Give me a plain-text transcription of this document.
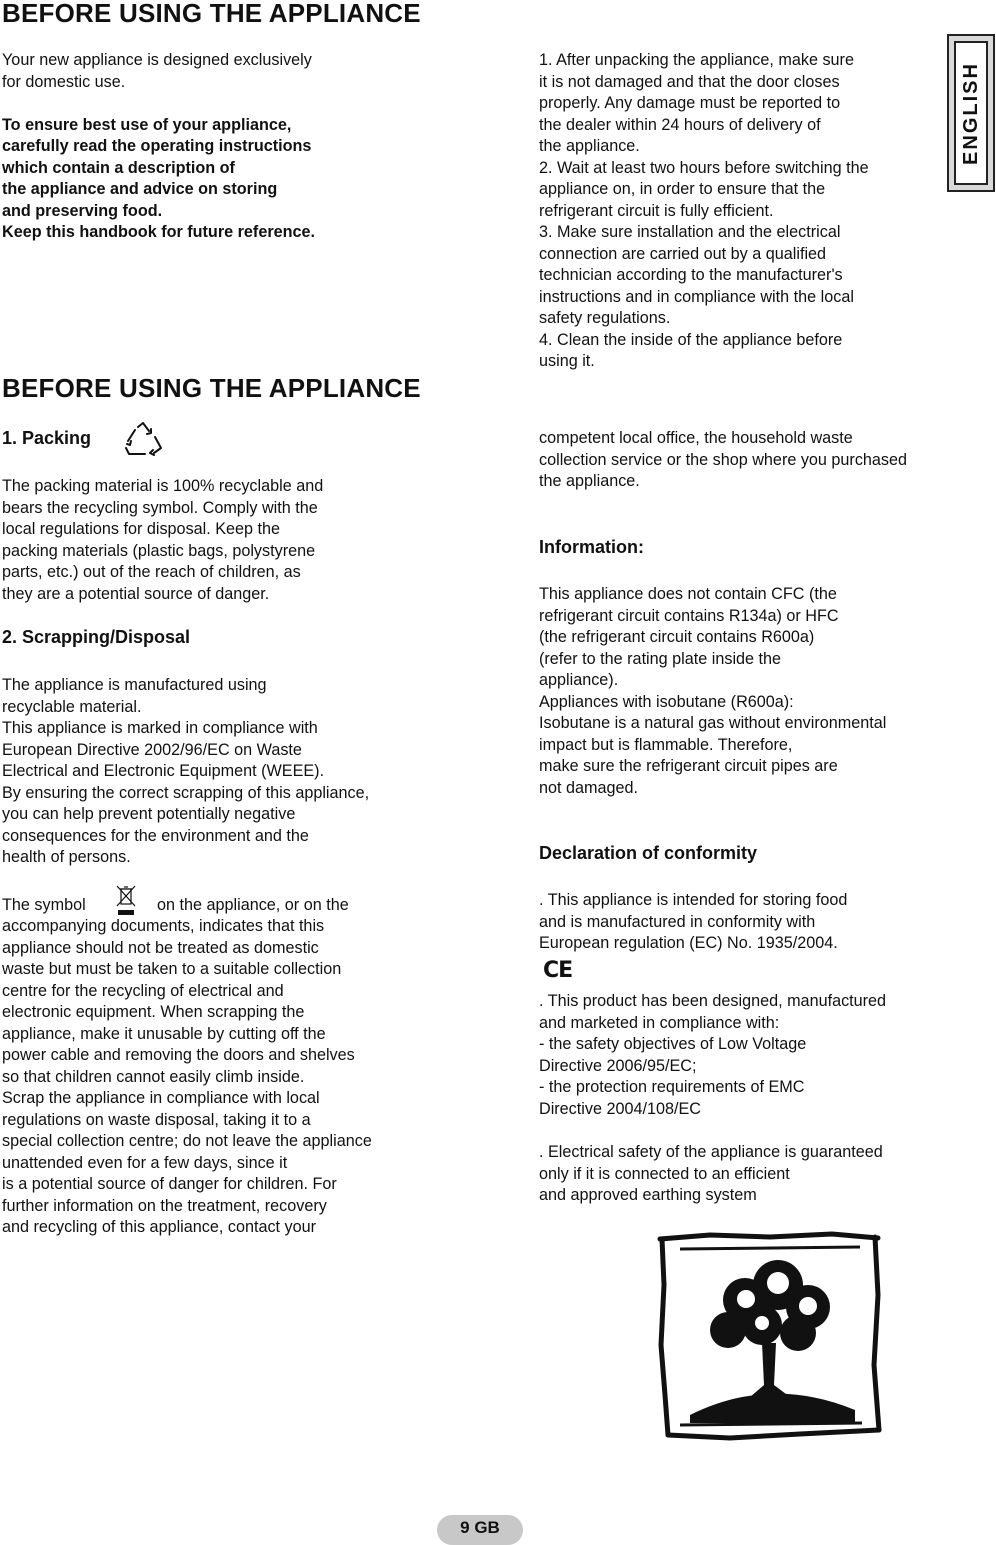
BEFORE USING THE APPLIANCE
Your new appliance is designed exclusively
for domestic use.
To ensure best use of your appliance,
carefully read the operating instructions
which contain a description of
the appliance and advice on storing
and preserving food.
Keep this handbook for future reference.
1. After unpacking the appliance, make sure
it is not damaged and that the door closes
properly. Any damage must be reported to
the dealer within 24 hours of delivery of
the appliance.
2. Wait at least two hours before switching the
appliance on, in order to ensure that the
refrigerant circuit is fully efficient.
3. Make sure installation and the electrical
connection are carried out by a qualified
technician according to the manufacturer's
instructions and in compliance with the local
safety regulations.
4. Clean the inside of the appliance before
using it.
ENGLISH
BEFORE USING THE APPLIANCE
1. Packing
The packing material is 100% recyclable and
bears the recycling symbol. Comply with the
local regulations for disposal. Keep the
packing materials (plastic bags, polystyrene
parts, etc.) out of the reach of children, as
they are a potential source of danger.
2. Scrapping/Disposal
The appliance is manufactured using
recyclable material.
This appliance is marked in compliance with
European Directive 2002/96/EC on Waste
Electrical and Electronic Equipment (WEEE).
By ensuring the correct scrapping of this appliance,
you can help prevent potentially negative
consequences for the environment and the
health of persons.
The symbol	on the appliance, or on the
accompanying documents, indicates that this
appliance should not be treated as domestic
waste but must be taken to a suitable collection
centre for the recycling of electrical and
electronic equipment. When scrapping the
appliance, make it unusable by cutting off the
power cable and removing the doors and shelves
so that children cannot easily climb inside.
Scrap the appliance in compliance with local
regulations on waste disposal, taking it to a
special collection centre; do not leave the appliance
unattended even for a few days, since it
is a potential source of danger for children. For
further information on the treatment, recovery
and recycling of this appliance, contact your
competent local office, the household waste
collection service or the shop where you purchased
the appliance.
Information:
This appliance does not contain CFC (the
refrigerant circuit contains R134a) or HFC
(the refrigerant circuit contains R600a)
(refer to the rating plate inside the
appliance).
Appliances with isobutane (R600a):
Isobutane is a natural gas without environmental
impact but is flammable. Therefore,
make sure the refrigerant circuit pipes are
not damaged.
Declaration of conformity
. This appliance is intended for storing food
and is manufactured in conformity with
European regulation (EC) No. 1935/2004.
CE
. This product has been designed, manufactured
and marketed in compliance with:
- the safety objectives of Low Voltage
Directive 2006/95/EC;
- the protection requirements of EMC
Directive 2004/108/EC
. Electrical safety of the appliance is guaranteed
only if it is connected to an efficient
and approved earthing system
9 GB
